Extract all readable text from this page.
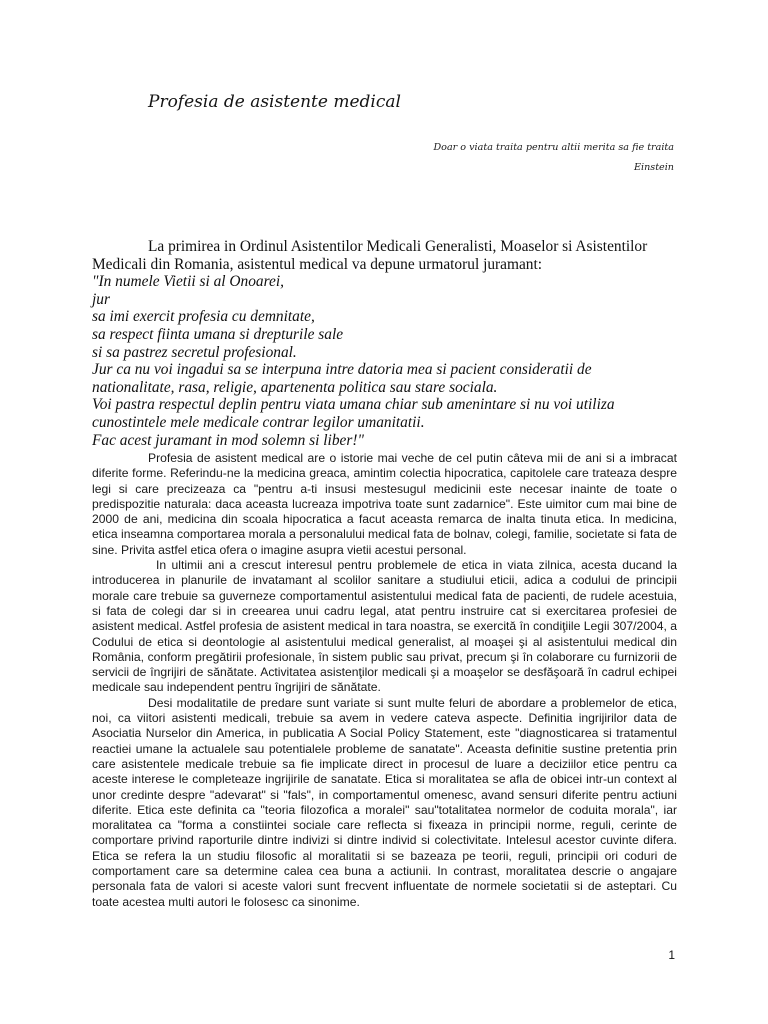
Profesia de asistente medical
Doar o viata traita pentru altii merita sa fie traita
Einstein

La primirea in Ordinul Asistentilor Medicali Generalisti, Moaselor si Asistentilor Medicali din Romania, asistentul medical va depune urmatorul juramant:

"In numele Vietii si al Onoarei,
jur
sa imi exercit profesia cu demnitate,
sa respect fiinta umana si drepturile sale
si sa pastrez secretul profesional.
Jur ca nu voi ingadui sa se interpuna intre datoria mea si pacient consideratii de
nationalitate, rasa, religie, apartenenta politica sau stare sociala.
Voi pastra respectul deplin pentru viata umana chiar sub amenintare si nu voi utiliza
cunostintele mele medicale contrar legilor umanitatii.
Fac acest juramant in mod solemn si liber!"

Profesia de asistent medical are o istorie mai veche de cel putin câteva mii de ani si a imbracat diferite forme. Referindu-ne la medicina greaca, amintim colectia hipocratica, capitolele care trateaza despre legi si care precizeaza ca "pentru a-ti insusi mestesugul medicinii este necesar inainte de toate o predispozitie naturala: daca aceasta lucreaza impotriva toate sunt zadarnice". Este uimitor cum mai bine de 2000 de ani, medicina din scoala hipocratica a facut aceasta remarca de inalta tinuta etica. In medicina, etica inseamna comportarea morala a personalului medical fata de bolnav, colegi, familie, societate si fata de sine. Privita astfel etica ofera o imagine asupra vietii acestui personal.

In ultimii ani a crescut interesul pentru problemele de etica in viata zilnica, acesta ducand la introducerea in planurile de invatamant al scolilor sanitare a studiului eticii, adica a codului de principii morale care trebuie sa guverneze comportamentul asistentului medical fata de pacienti, de rudele acestuia, si fata de colegi dar si in creearea unui cadru legal, atat pentru instruire cat si exercitarea profesiei de asistent medical. Astfel profesia de asistent medical in tara noastra, se exercită în condiţiile Legii 307/2004, a Codului de etica si deontologie al asistentului medical generalist, al moaşei şi al asistentului medical din România, conform pregătirii profesionale, în sistem public sau privat, precum şi în colaborare cu furnizorii de servicii de îngrijiri de sănătate. Activitatea asistenţilor medicali şi a moaşelor se desfăşoară în cadrul echipei medicale sau independent pentru îngrijiri de sănătate.

Desi modalitatile de predare sunt variate si sunt multe feluri de abordare a problemelor de etica, noi, ca viitori asistenti medicali, trebuie sa avem in vedere cateva aspecte. Definitia ingrijirilor data de Asociatia Nurselor din America, in publicatia A Social Policy Statement, este "diagnosticarea si tratamentul reactiei umane la actualele sau potentialele probleme de sanatate". Aceasta definitie sustine pretentia prin care asistentele medicale trebuie sa fie implicate direct in procesul de luare a deciziilor etice pentru ca aceste interese le completeaze ingrijirile de sanatate. Etica si moralitatea se afla de obicei intr-un context al unor credinte despre "adevarat" si "fals", in comportamentul omenesc, avand sensuri diferite pentru actiuni diferite. Etica este definita ca "teoria filozofica a moralei" sau"totalitatea normelor de coduita morala", iar moralitatea ca "forma a constiintei sociale care reflecta si fixeaza in principii norme, reguli, cerinte de comportare privind raporturile dintre indivizi si dintre individ si colectivitate. Intelesul acestor cuvinte difera. Etica se refera la un studiu filosofic al moralitatii si se bazeaza pe teorii, reguli, principii ori coduri de comportament care sa determine calea cea buna a actiunii. In contrast, moralitatea descrie o angajare personala fata de valori si aceste valori sunt frecvent influentate de normele societatii si de asteptari. Cu toate acestea multi autori le folosesc ca sinonime.

1
